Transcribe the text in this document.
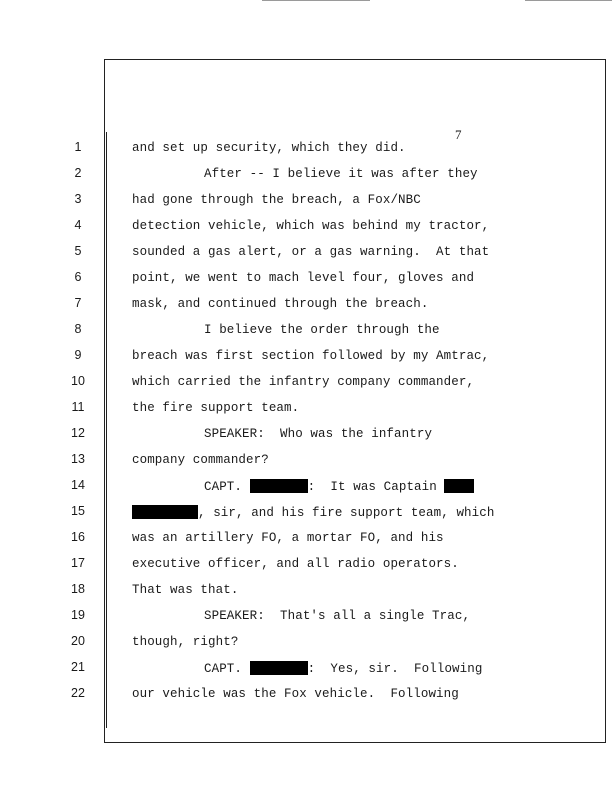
7
1	and set up security, which they did.
2	After -- I believe it was after they
3	had gone through the breach, a Fox/NBC
4	detection vehicle, which was behind my tractor,
5	sounded a gas alert, or a gas warning.  At that
6	point, we went to mach level four, gloves and
7	mask, and continued through the breach.
8	I believe the order through the
9	breach was first section followed by my Amtrac,
10	which carried the infantry company commander,
11	the fire support team.
12	SPEAKER: Who was the infantry
13	company commander?
14	CAPT.	:  It was Captain
15	, sir, and his fire support team, which
16	was an artillery FO, a mortar FO, and his
17	executive officer, and all radio operators.
18	That was that.
19	SPEAKER: That's all a single Trac,
20	though, right?
21	CAPT.	:  Yes, sir.  Following
22	our vehicle was the Fox vehicle.  Following
